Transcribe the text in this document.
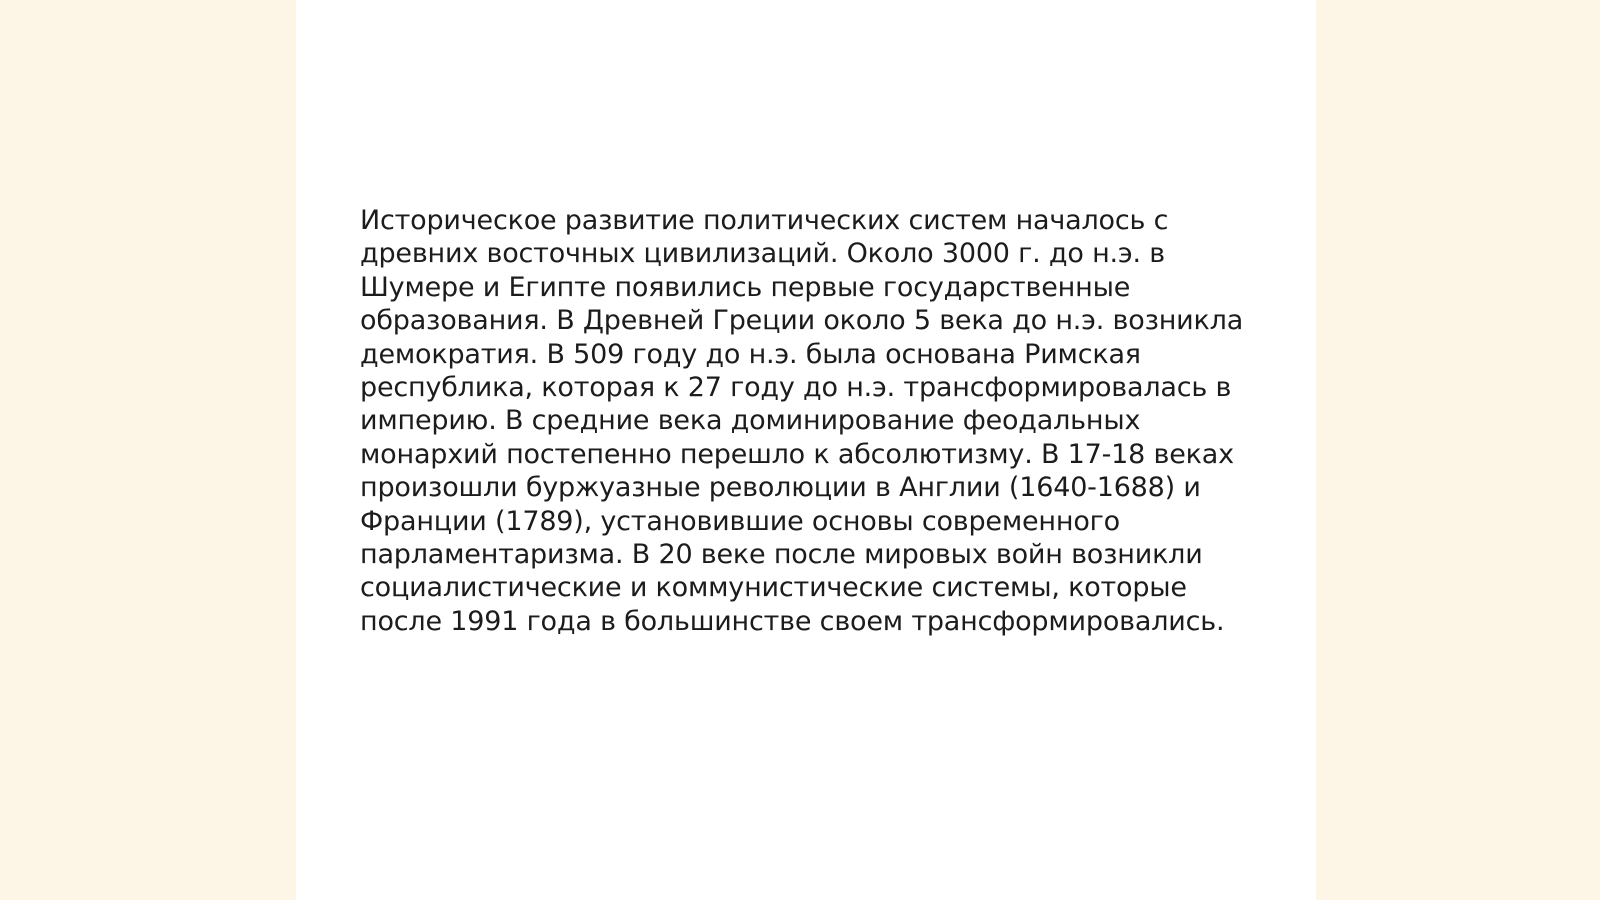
Историческое развитие политических систем началось с
древних восточных цивилизаций. Около 3000 г. до н.э. в
Шумере и Египте появились первые государственные
образования. В Древней Греции около 5 века до н.э. возникла
демократия. В 509 году до н.э. была основана Римская
республика, которая к 27 году до н.э. трансформировалась в
империю. В средние века доминирование феодальных
монархий постепенно перешло к абсолютизму. В 17-18 веках
произошли буржуазные революции в Англии (1640-1688) и
Франции (1789), установившие основы современного
парламентаризма. В 20 веке после мировых войн возникли
социалистические и коммунистические системы, которые
после 1991 года в большинстве своем трансформировались.
